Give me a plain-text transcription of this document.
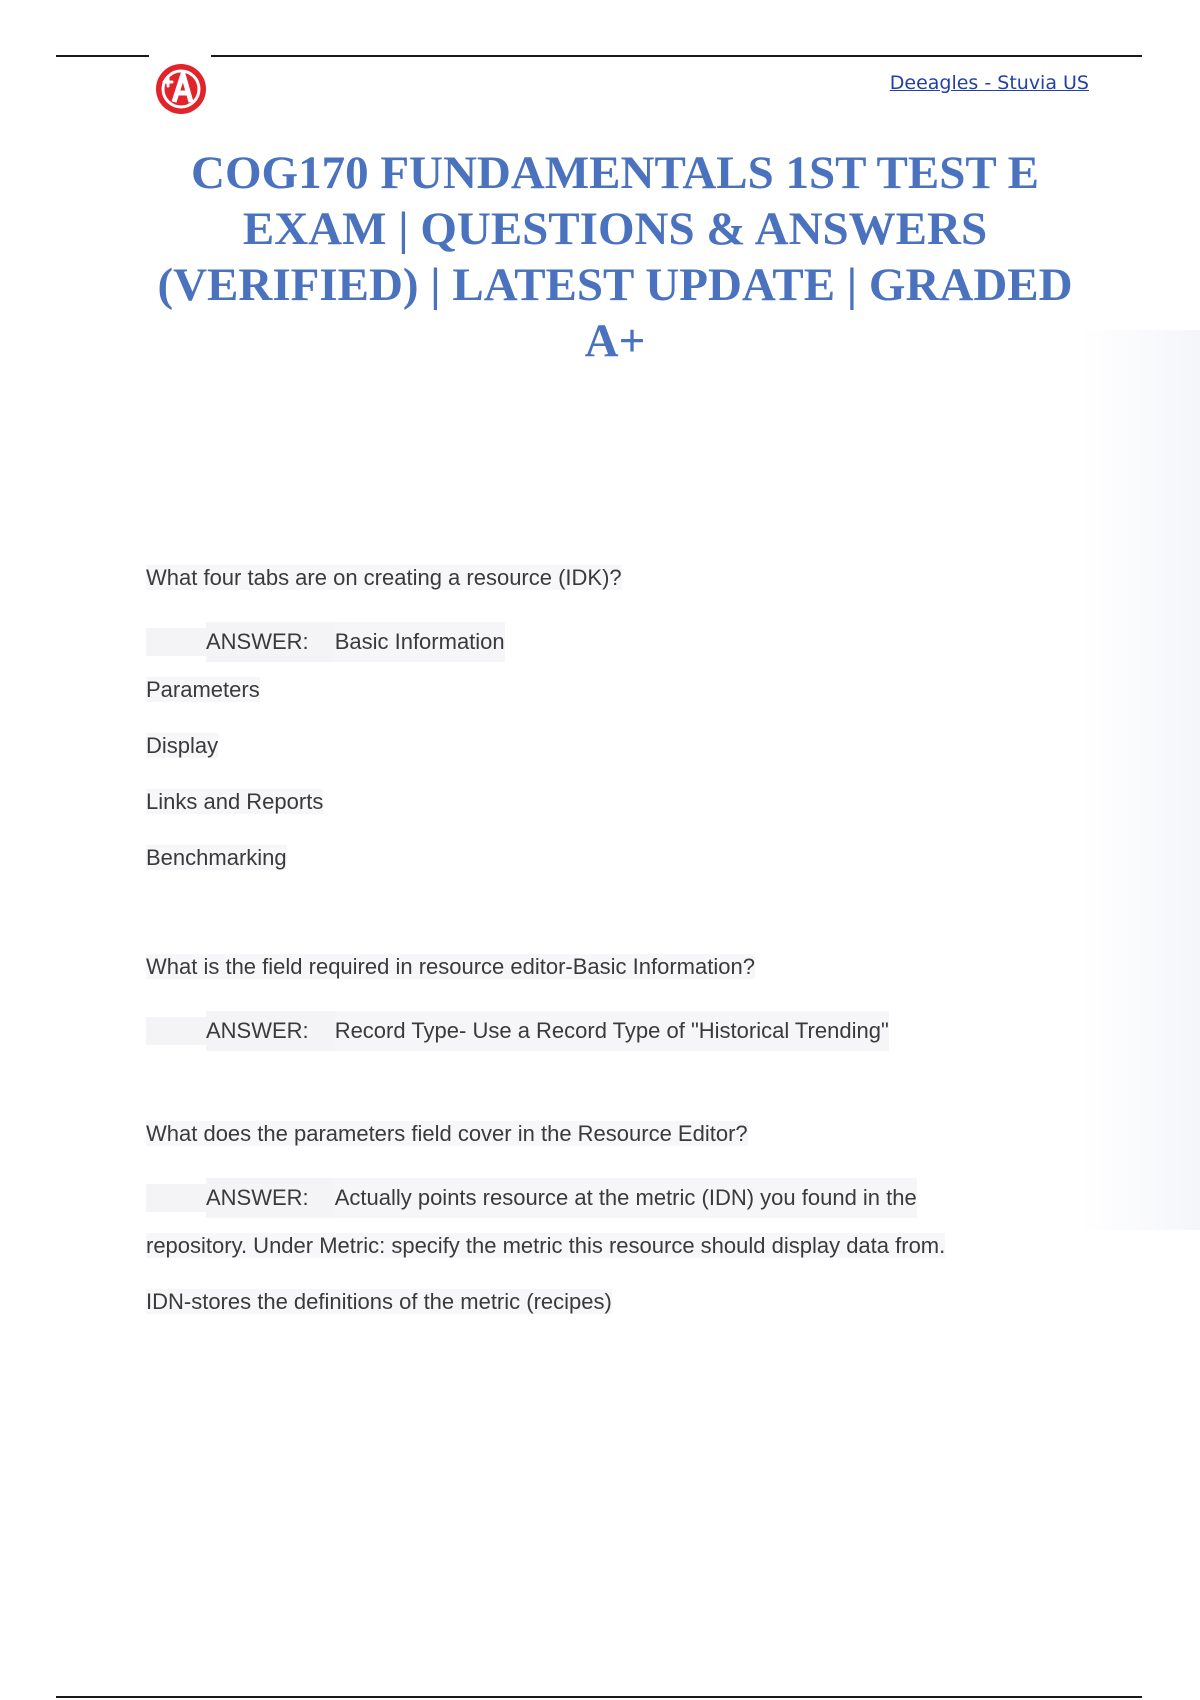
Deeagles - Stuvia US
COG170 FUNDAMENTALS 1ST TEST E EXAM | QUESTIONS & ANSWERS (VERIFIED) | LATEST UPDATE | GRADED A+
What four tabs are on creating a resource (IDK)?
ANSWER:	Basic Information
Parameters
Display
Links and Reports
Benchmarking
What is the field required in resource editor-Basic Information?
ANSWER:	Record Type- Use a Record Type of "Historical Trending"
What does the parameters field cover in the Resource Editor?
ANSWER:	Actually points resource at the metric (IDN) you found in the
repository. Under Metric: specify the metric this resource should display data from.
IDN-stores the definitions of the metric (recipes)
